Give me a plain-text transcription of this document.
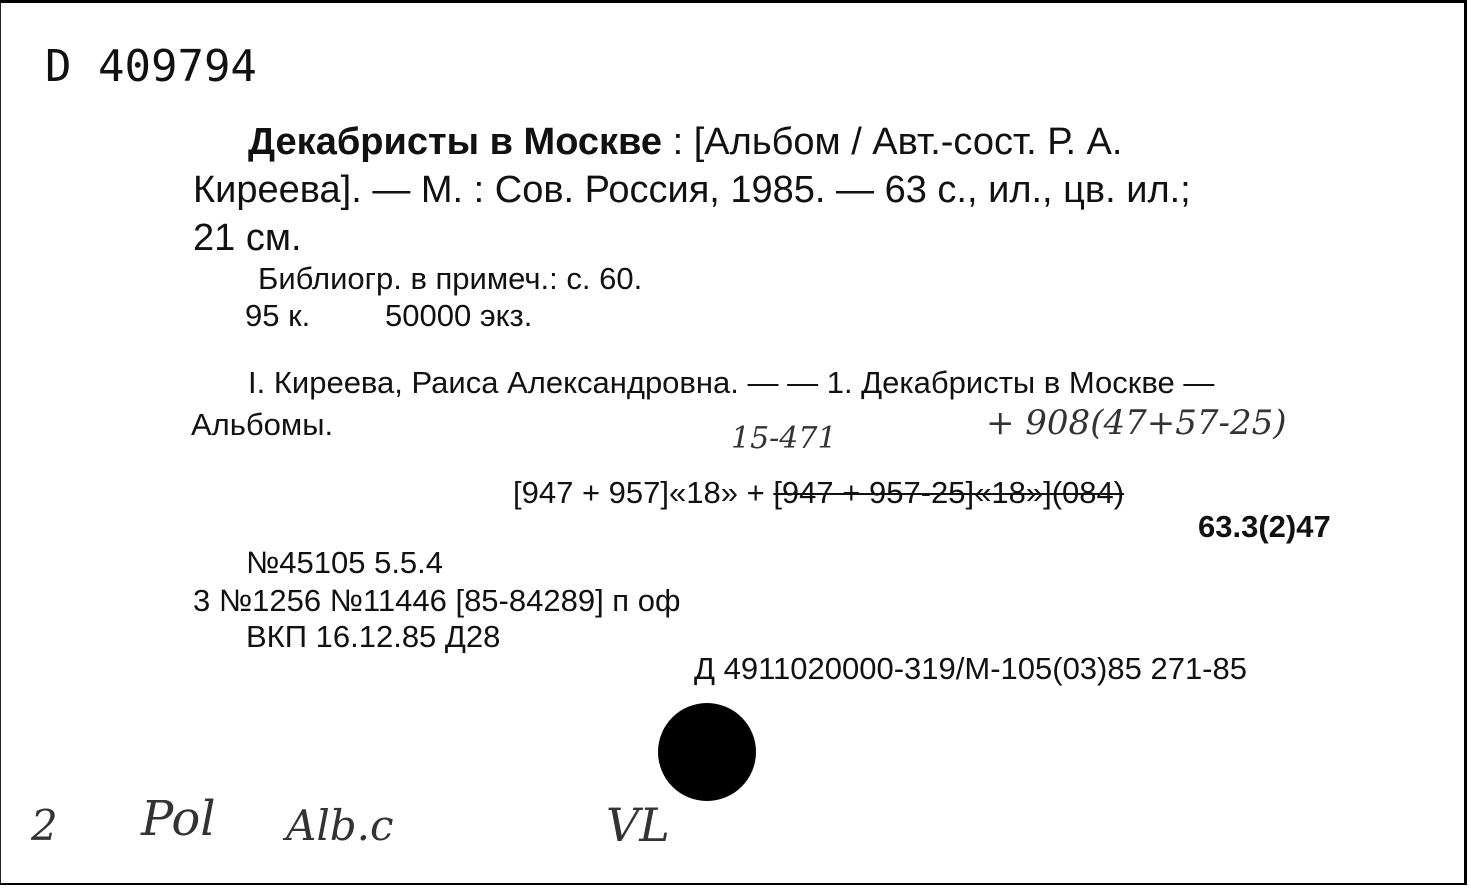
D 409794
Декабристы в Москве : [Альбом / Авт.-сост. Р. А.
Киреева]. — М. : Сов. Россия, 1985. — 63 с., ил., цв. ил.;
21 см.
Библиогр. в примеч.: с. 60.
95 к. 50000 экз.
I. Киреева, Раиса Александровна. — — 1. Декабристы в Москве —
Альбомы.	15-471	+ 908(47+57-25)
[947 + 957]«18» + [947 + 957-25]«18»](084)
63.3(2)47
№45105 5.5.4
3 №1256 №11446 [85-84289] п оф
ВКП 16.12.85 Д28
Д 4911020000-319/М-105(03)85 271-85
2 Pol Alb.c	VL
